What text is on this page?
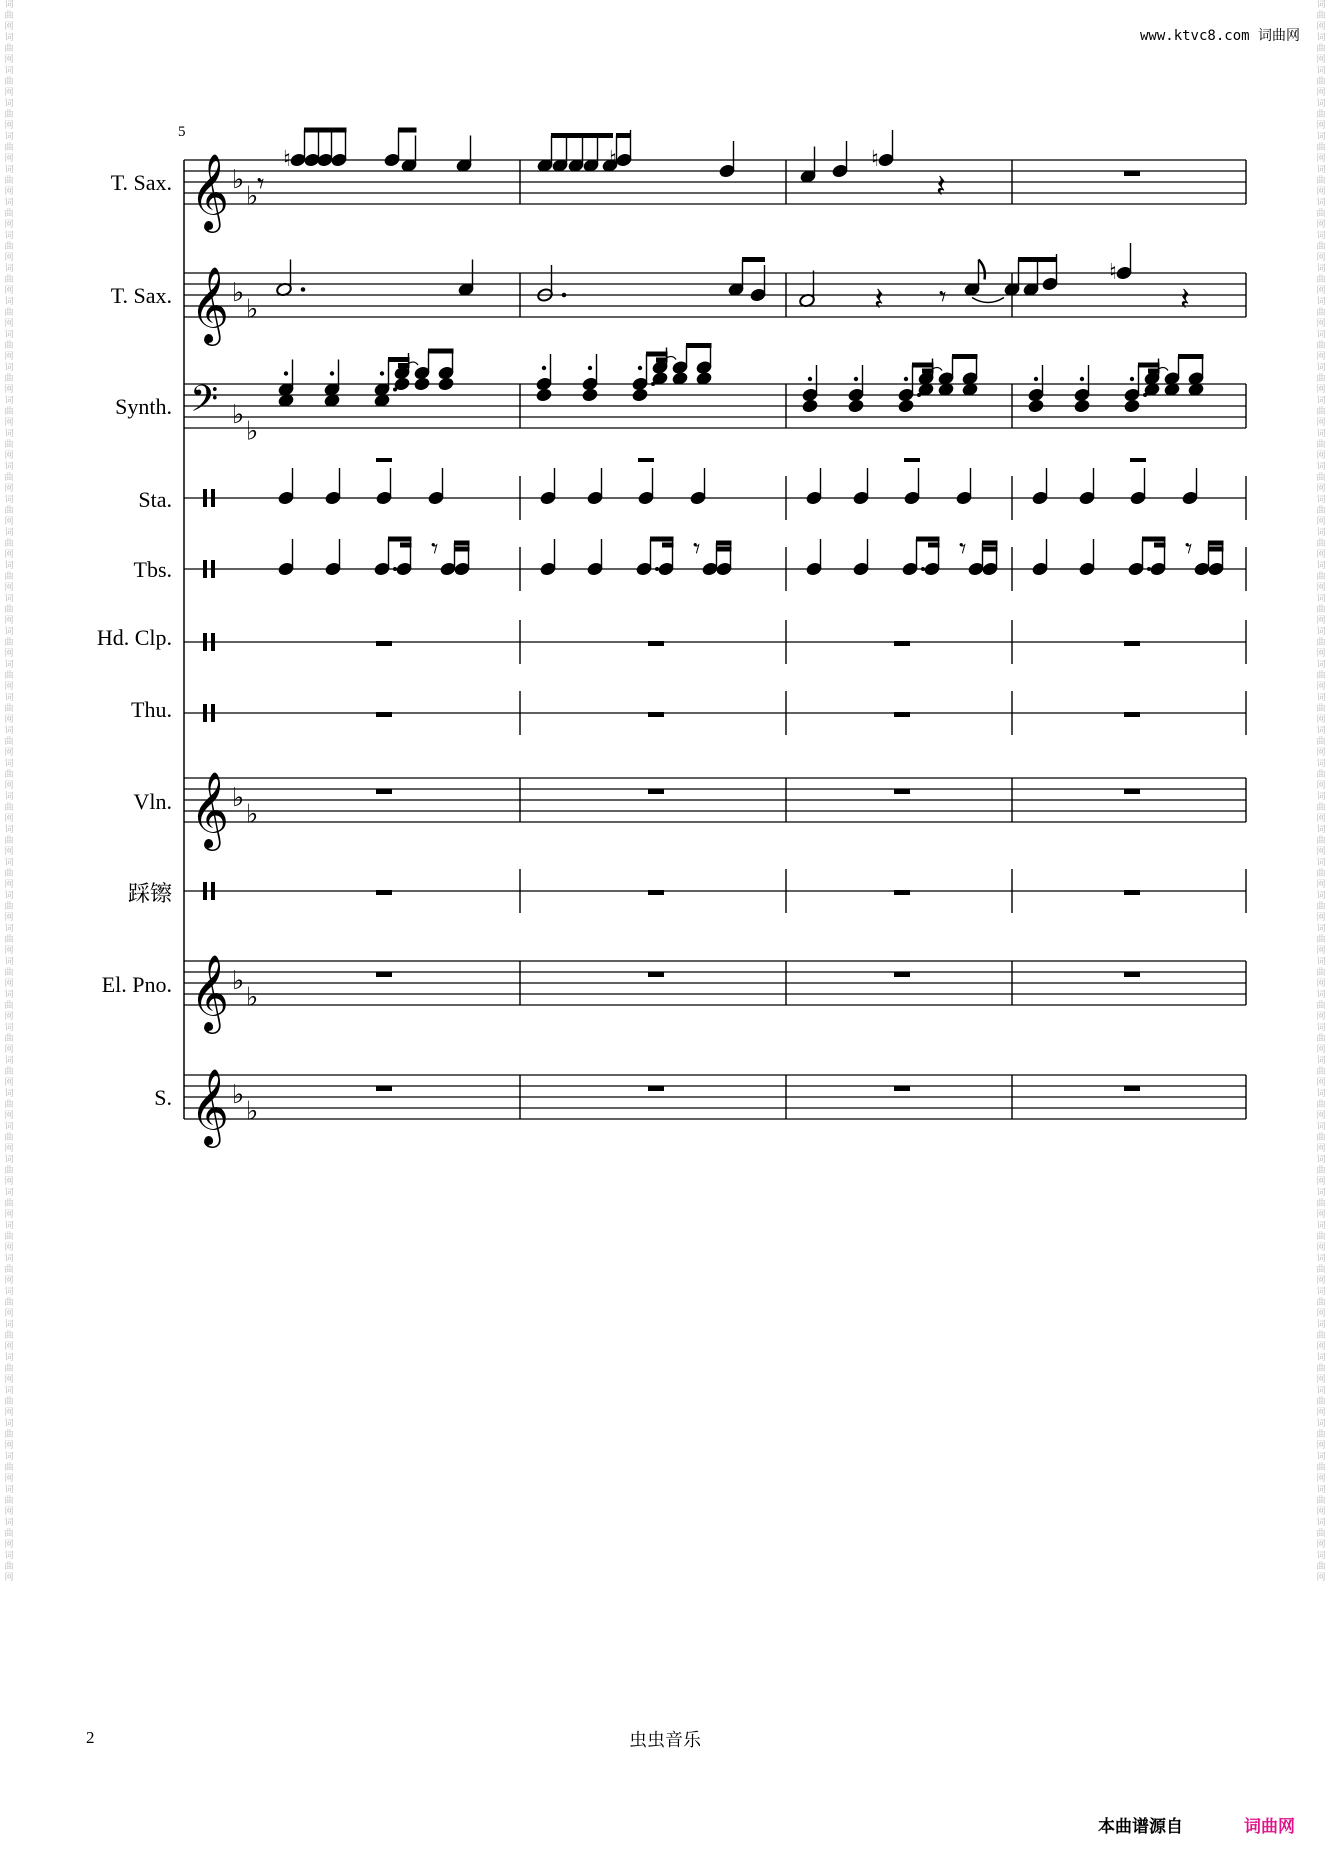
词曲网词曲网词曲网词曲网词曲网词曲网词曲网词曲网词曲网词曲网词曲网词曲网词曲网词曲网词曲网词曲网词曲网词曲网词曲网词曲网词曲网词曲网词曲网词曲网词曲网词曲网词曲网词曲网词曲网词曲网词曲网词曲网词曲网词曲网词曲网词曲网词曲网词曲网词曲网词曲网词曲网词曲网词曲网词曲网词曲网词曲网词曲网词曲网
词曲网词曲网词曲网词曲网词曲网词曲网词曲网词曲网词曲网词曲网词曲网词曲网词曲网词曲网词曲网词曲网词曲网词曲网词曲网词曲网词曲网词曲网词曲网词曲网词曲网词曲网词曲网词曲网词曲网词曲网词曲网词曲网词曲网词曲网词曲网词曲网词曲网词曲网词曲网词曲网词曲网词曲网词曲网词曲网词曲网词曲网词曲网词曲网
www.ktvc8.com 词曲网
5
T. Sax.
T. Sax.
Synth.
Sta.
Tbs.
Hd. Clp.
Thu.
Vln.
踩镲
El. Pno.
S.
𝄞 ♭
♭
𝄞 ♭
♭
𝄢 ♭
♭
𝄞 ♭
♭
𝄞 ♭
♭
𝄞 ♭
♭
𝄾
♮	♮	♮
𝄽
𝄽 𝄾
♮
𝄽
𝄾	𝄾	𝄾	𝄾
2	虫虫音乐
本曲谱源自	词曲网
